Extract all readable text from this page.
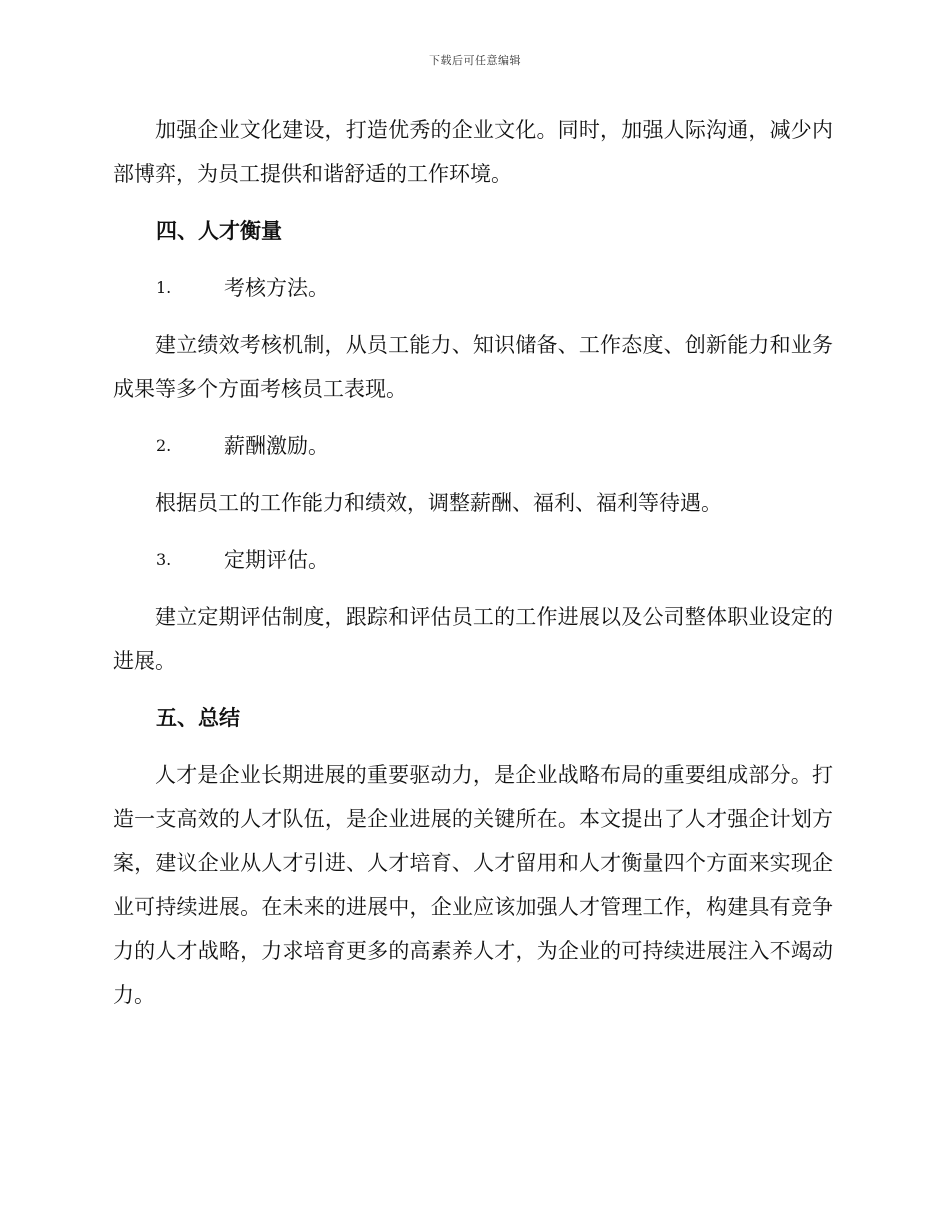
下载后可任意编辑

加强企业文化建设，打造优秀的企业文化。同时，加强人际沟通，减少内部博弈，为员工提供和谐舒适的工作环境。

四、人才衡量
1.	考核方法。

建立绩效考核机制，从员工能力、知识储备、工作态度、创新能力和业务成果等多个方面考核员工表现。

2.	薪酬激励。

根据员工的工作能力和绩效，调整薪酬、福利、福利等待遇。

3.	定期评估。

建立定期评估制度，跟踪和评估员工的工作进展以及公司整体职业设定的进展。

五、总结

人才是企业长期进展的重要驱动力，是企业战略布局的重要组成部分。打造一支高效的人才队伍，是企业进展的关键所在。本文提出了人才强企计划方案，建议企业从人才引进、人才培育、人才留用和人才衡量四个方面来实现企业可持续进展。在未来的进展中，企业应该加强人才管理工作，构建具有竞争力的人才战略，力求培育更多的高素养人才，为企业的可持续进展注入不竭动力。
